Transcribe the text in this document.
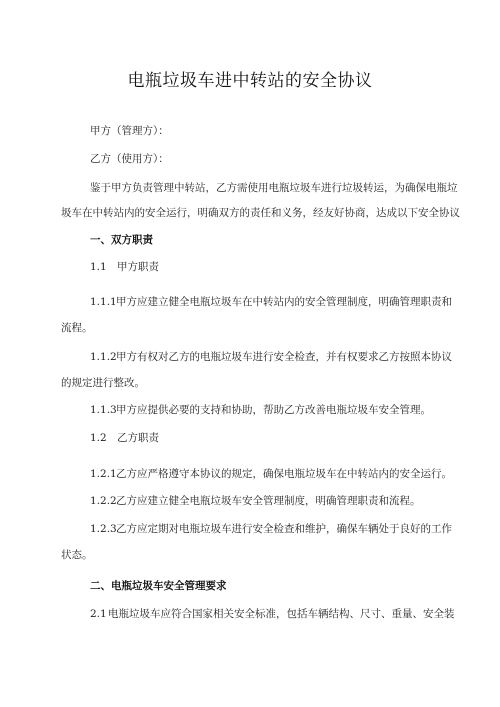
电瓶垃圾车进中转站的安全协议
甲方（管理方）：
乙方（使用方）：
鉴于甲方负责管理中转站，乙方需使用电瓶垃圾车进行垃圾转运，为确保电瓶垃
圾车在中转站内的安全运行，明确双方的责任和义务，经友好协商，达成以下安全协议
一、双方职责
1.1 甲方职责
1.1.1甲方应建立健全电瓶垃圾车在中转站内的安全管理制度，明确管理职责和
流程。
1.1.2甲方有权对乙方的电瓶垃圾车进行安全检查，并有权要求乙方按照本协议
的规定进行整改。
1.1.3甲方应提供必要的支持和协助，帮助乙方改善电瓶垃圾车安全管理。
1.2 乙方职责
1.2.1乙方应严格遵守本协议的规定，确保电瓶垃圾车在中转站内的安全运行。
1.2.2乙方应建立健全电瓶垃圾车安全管理制度，明确管理职责和流程。
1.2.3乙方应定期对电瓶垃圾车进行安全检查和维护，确保车辆处于良好的工作
状态。
二、电瓶垃圾车安全管理要求
2.1电瓶垃圾车应符合国家相关安全标准，包括车辆结构、尺寸、重量、安全装
